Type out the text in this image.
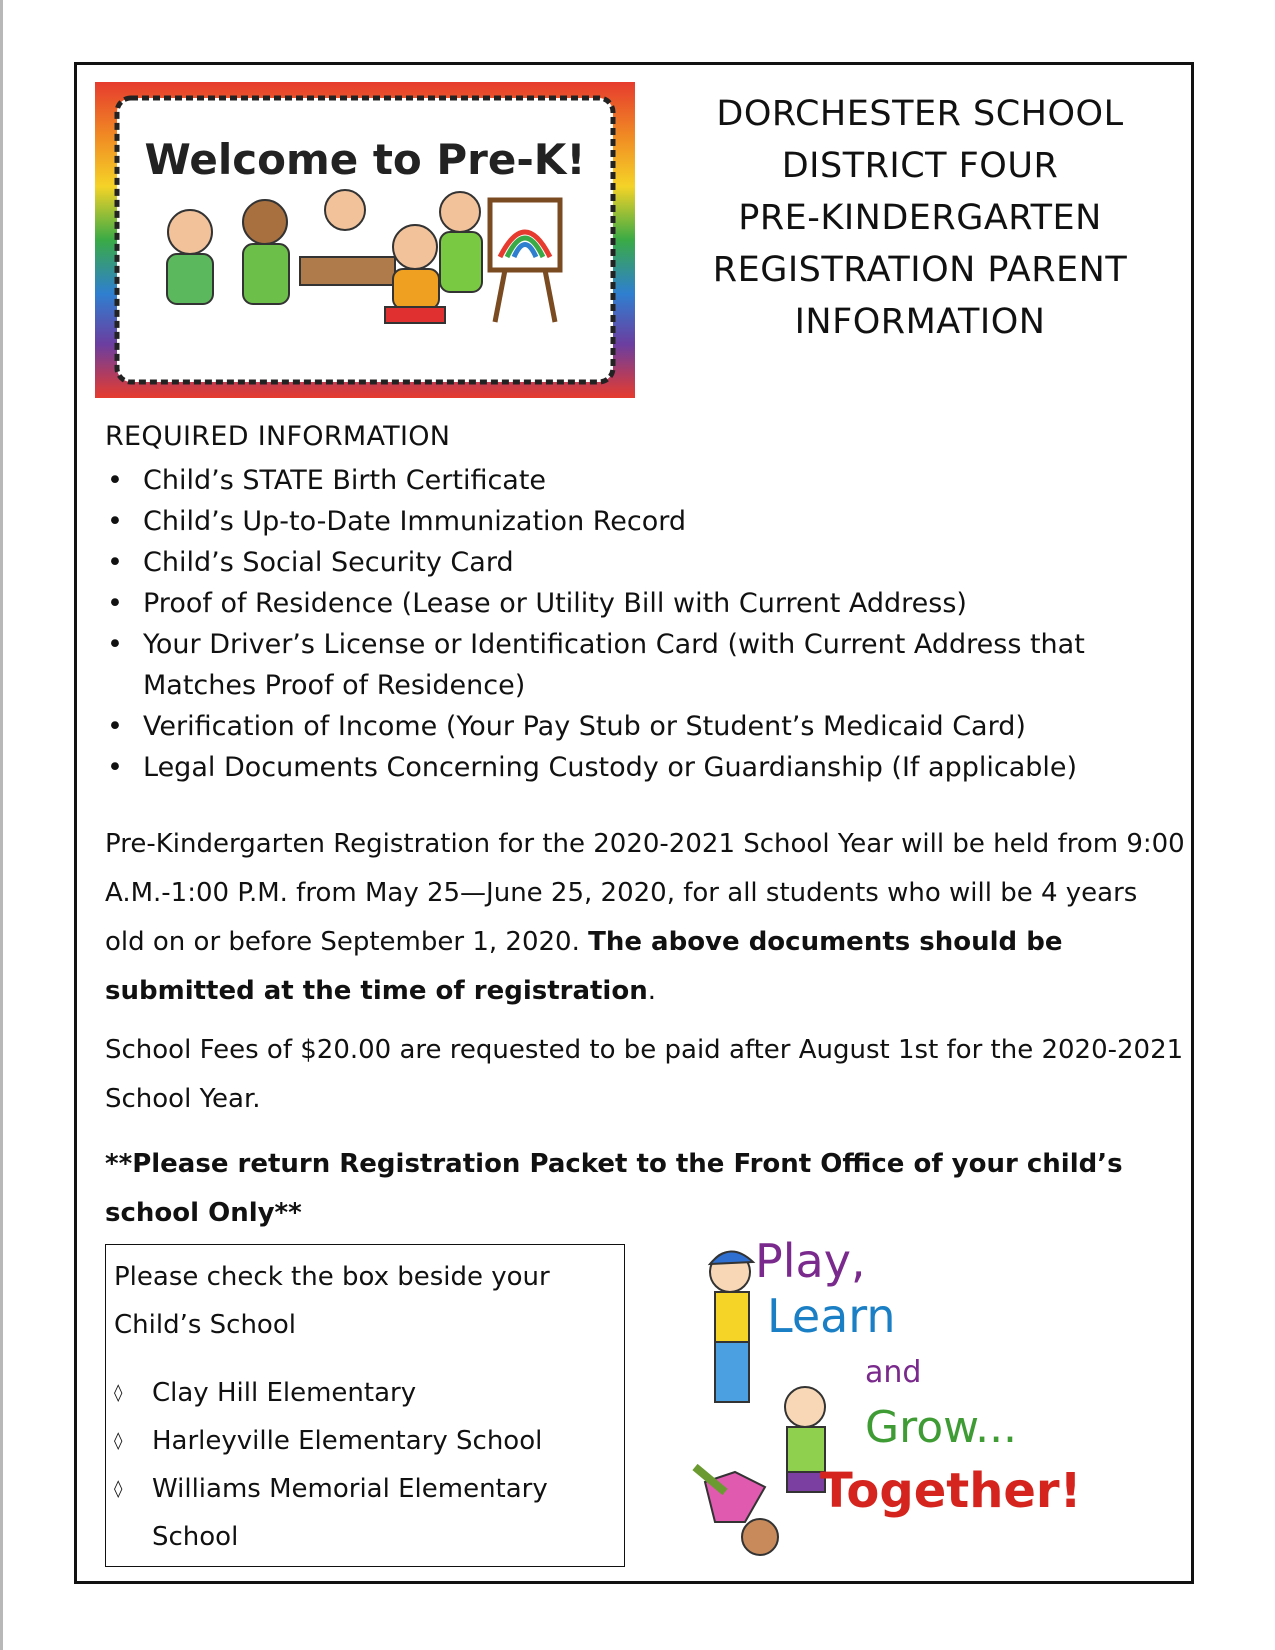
Welcome to Pre-K!
DORCHESTER SCHOOL
DISTRICT FOUR
PRE-KINDERGARTEN
REGISTRATION PARENT
INFORMATION
REQUIRED INFORMATION
• Child’s STATE Birth Certificate
• Child’s Up-to-Date Immunization Record
• Child’s Social Security Card
• Proof of Residence (Lease or Utility Bill with Current Address)
• Your Driver’s License or Identification Card (with Current Address that
Matches Proof of Residence)
• Verification of Income (Your Pay Stub or Student’s Medicaid Card)
• Legal Documents Concerning Custody or Guardianship (If applicable)
Pre-Kindergarten Registration for the 2020-2021 School Year will be held from 9:00 A.M.-1:00 P.M. from May 25—June 25, 2020, for all students who will be 4 years old on or before September 1, 2020. The above documents should be submitted at the time of registration.
School Fees of $20.00 are requested to be paid after August 1st for the 2020-2021 School Year.
**Please return Registration Packet to the Front Office of your child’s school Only**
Please check the box beside your Child’s School
◊ Clay Hill Elementary
◊ Harleyville Elementary School
◊ Williams Memorial Elementary School
Play,
Learn
and
Grow...
Together!
